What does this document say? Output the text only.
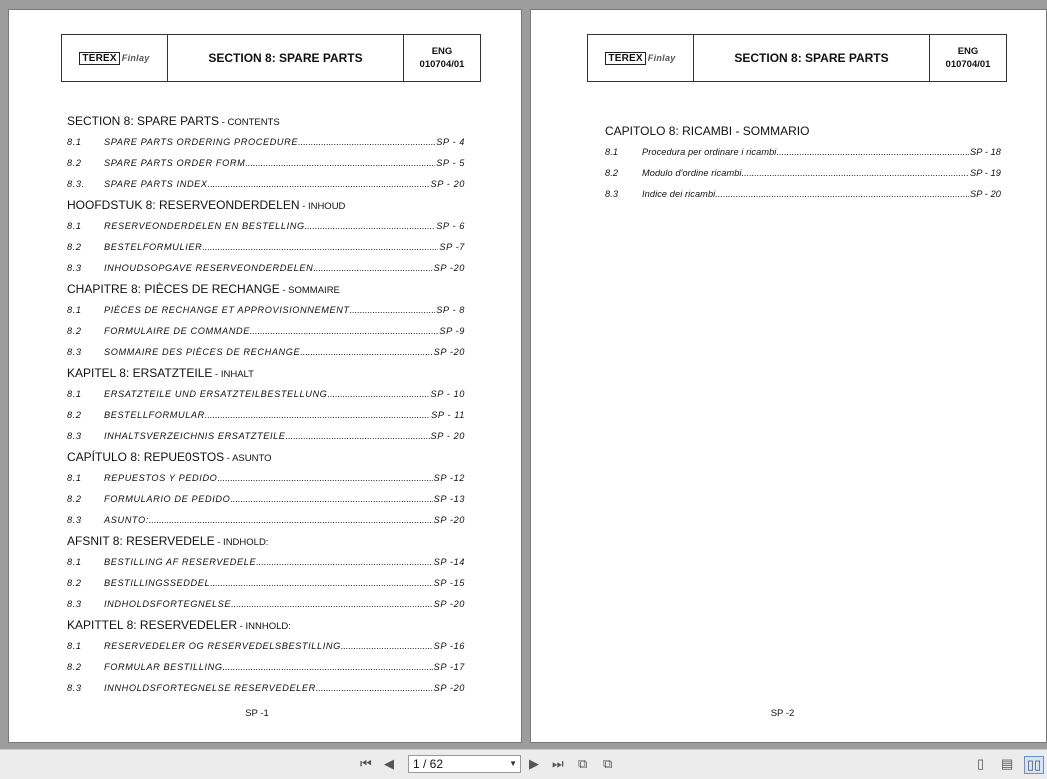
TEREX Finlay	SECTION 8: SPARE PARTS	ENG
010704/01
SECTION 8: SPARE PARTS - CONTENTS
8.1	SPARE PARTS ORDERING PROCEDURE .....	SP - 4
8.2	SPARE PARTS ORDER FORM .....	SP - 5
8.3.	SPARE PARTS INDEX .....	SP - 20
HOOFDSTUK 8: RESERVEONDERDELEN - INHOUD
8.1	RESERVEONDERDELEN EN BESTELLING .....	SP - 6
8.2	BESTELFORMULIER .....	SP -7
8.3	INHOUDSOPGAVE RESERVEONDERDELEN .....	SP -20
CHAPITRE 8: PIÈCES DE RECHANGE - SOMMAIRE
8.1	PIÈCES DE RECHANGE ET APPROVISIONNEMENT .....	SP - 8
8.2	FORMULAIRE DE COMMANDE .....	SP -9
8.3	SOMMAIRE DES PIÈCES DE RECHANGE .....	SP -20
KAPITEL 8: ERSATZTEILE - INHALT
8.1	ERSATZTEILE UND ERSATZTEILBESTELLUNG .....	SP - 10
8.2	BESTELLFORMULAR .....	SP - 11
8.3	INHALTSVERZEICHNIS ERSATZTEILE .....	SP - 20
CAPÍTULO 8: REPUE0STOS - ASUNTO
8.1	REPUESTOS Y PEDIDO .....	SP -12
8.2	FORMULARIO DE PEDIDO .....	SP -13
8.3	ASUNTO: .....	SP -20
AFSNIT 8: RESERVEDELE - INDHOLD:
8.1	BESTILLING AF RESERVEDELE .....	SP -14
8.2	BESTILLINGSSEDDEL .....	SP -15
8.3	INDHOLDSFORTEGNELSE .....	SP -20
KAPITTEL 8: RESERVEDELER - INNHOLD:
8.1	RESERVEDELER OG RESERVEDELSBESTILLING .....	SP -16
8.2	FORMULAR BESTILLING .....	SP -17
8.3	INNHOLDSFORTEGNELSE RESERVEDELER .....	SP -20
SP -1
TEREX Finlay	SECTION 8: SPARE PARTS	ENG
010704/01
CAPITOLO 8: RICAMBI - SOMMARIO
8.1	Procedura per ordinare i ricambi .....	SP - 18
8.2	Modulo d'ordine ricambi .....	SP - 19
8.3	Indice dei ricambi .....	SP - 20
SP -2
⏮ ◀	1 / 62	▼ ▶ ⏭ ⧉ ⧉	▯ ▤ ▯▯
